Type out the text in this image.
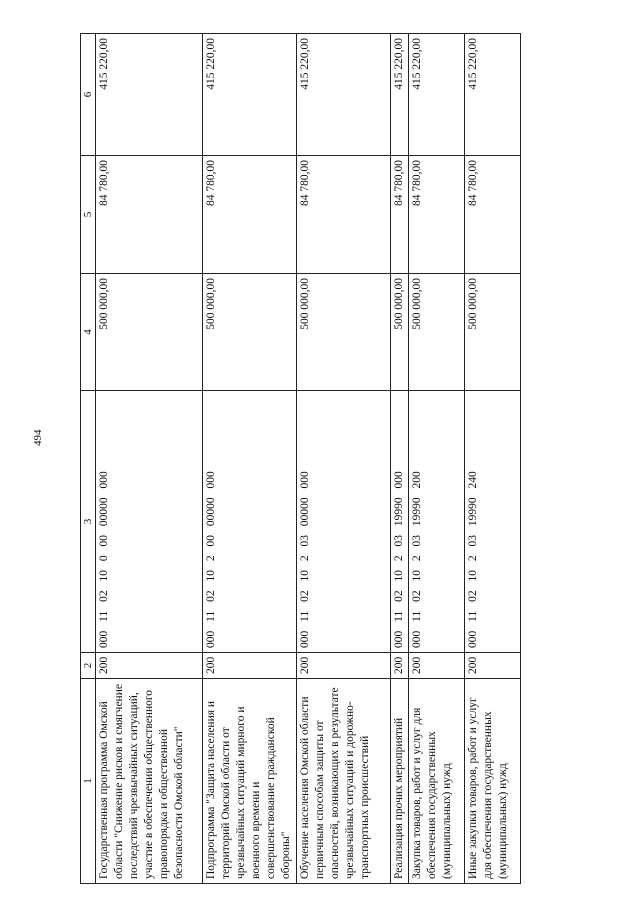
494
1	2	3	4	5	6
Государственная программа Омской области "Снижение рисков и смягчение последствий чрезвычайных ситуаций, участие в обеспечении общественного правопорядка и общественной безопасности Омской области"	200	000 11 02 10 0 00 00000 000	500 000,00	84 780,00	415 220,00
Подпрограмма "Защита населения и территорий Омской области от чрезвычайных ситуаций мирного и военного времени и совершенствование гражданской обороны"	200	000 11 02 10 2 00 00000 000	500 000,00	84 780,00	415 220,00
Обучение населения Омской области первичным способам защиты от опасностей, возникающих в результате чрезвычайных ситуаций и дорожно-транспортных происшествий	200	000 11 02 10 2 03 00000 000	500 000,00	84 780,00	415 220,00
Реализация прочих мероприятий	200	000 11 02 10 2 03 19990 000	500 000,00	84 780,00	415 220,00
Закупка товаров, работ и услуг для обеспечения государственных (муниципальных) нужд	200	000 11 02 10 2 03 19990 200	500 000,00	84 780,00	415 220,00
Иные закупки товаров, работ и услуг для обеспечения государственных (муниципальных) нужд	200	000 11 02 10 2 03 19990 240	500 000,00	84 780,00	415 220,00
